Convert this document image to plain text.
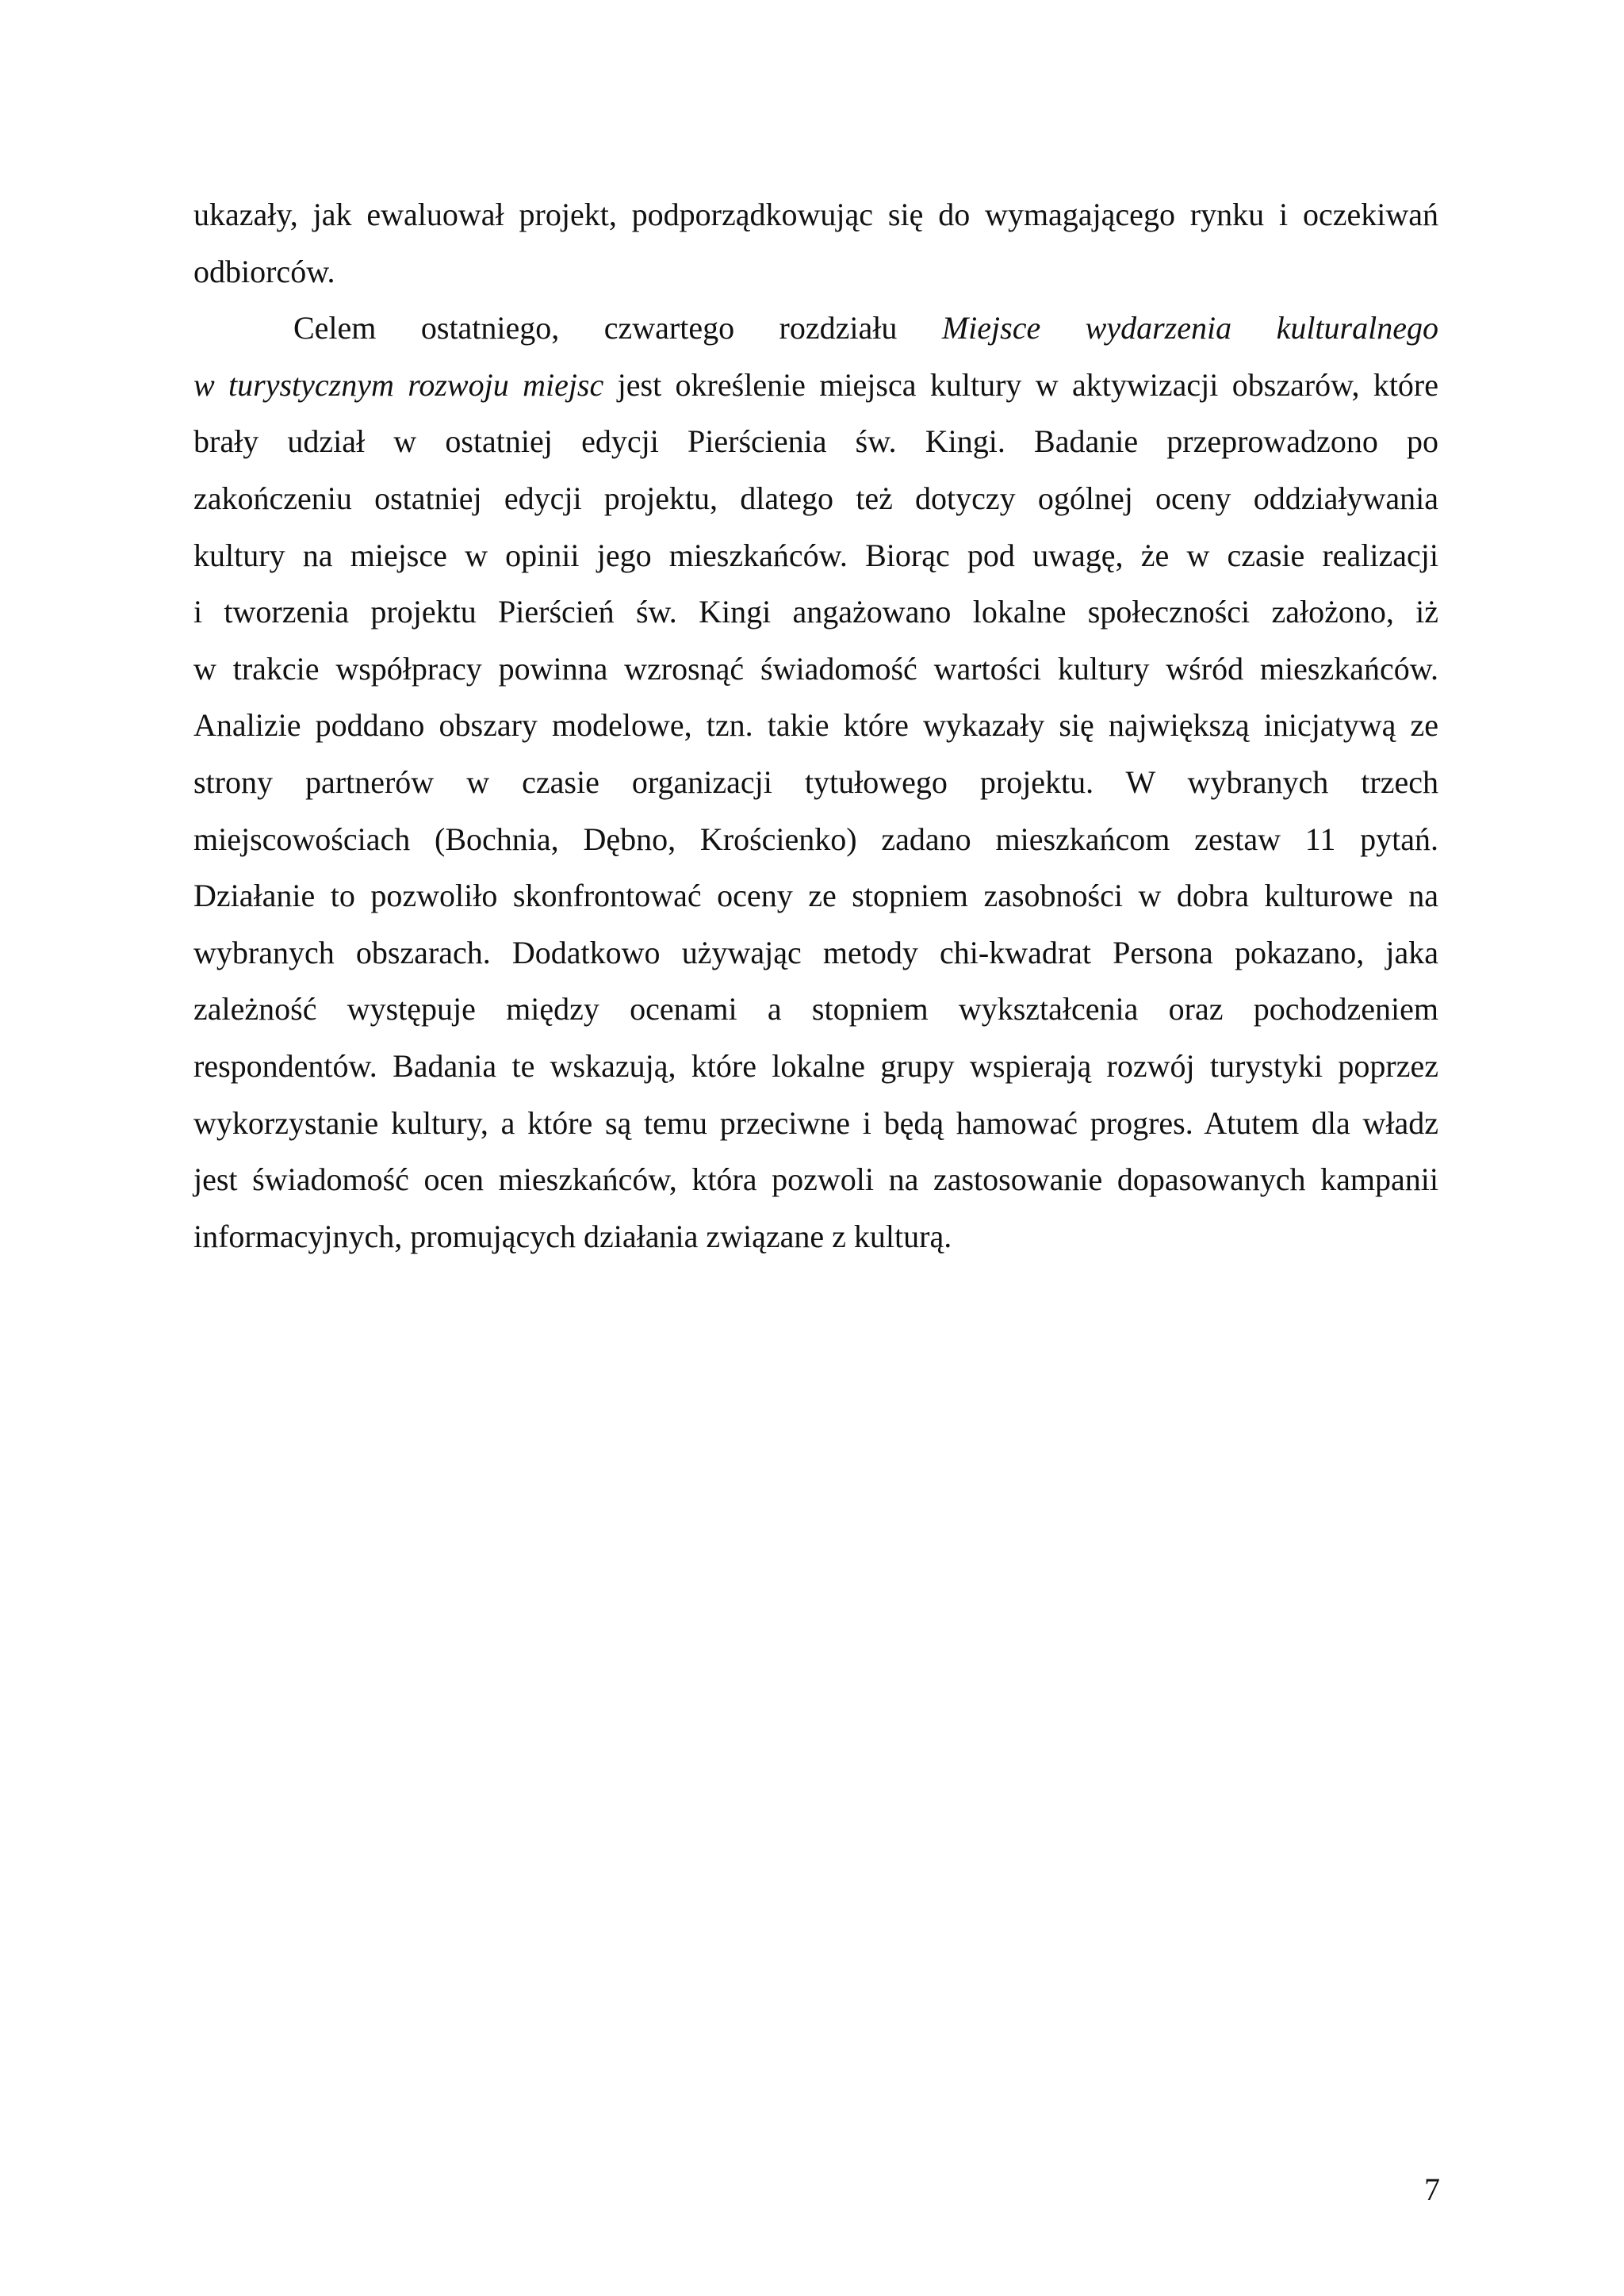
ukazały, jak ewaluował projekt, podporządkowując się do wymagającego rynku i oczekiwań
odbiorców.
Celem ostatniego, czwartego rozdziału Miejsce wydarzenia kulturalnego
w turystycznym rozwoju miejsc jest określenie miejsca kultury w aktywizacji obszarów, które
brały udział w ostatniej edycji Pierścienia św. Kingi. Badanie przeprowadzono po
zakończeniu ostatniej edycji projektu, dlatego też dotyczy ogólnej oceny oddziaływania
kultury na miejsce w opinii jego mieszkańców. Biorąc pod uwagę, że w czasie realizacji
i tworzenia projektu Pierścień św. Kingi angażowano lokalne społeczności założono, iż
w trakcie współpracy powinna wzrosnąć świadomość wartości kultury wśród mieszkańców.
Analizie poddano obszary modelowe, tzn. takie które wykazały się największą inicjatywą ze
strony partnerów w czasie organizacji tytułowego projektu. W wybranych trzech
miejscowościach (Bochnia, Dębno, Krościenko) zadano mieszkańcom zestaw 11 pytań.
Działanie to pozwoliło skonfrontować oceny ze stopniem zasobności w dobra kulturowe na
wybranych obszarach. Dodatkowo używając metody chi-kwadrat Persona pokazano, jaka
zależność występuje między ocenami a stopniem wykształcenia oraz pochodzeniem
respondentów. Badania te wskazują, które lokalne grupy wspierają rozwój turystyki poprzez
wykorzystanie kultury, a które są temu przeciwne i będą hamować progres. Atutem dla władz
jest świadomość ocen mieszkańców, która pozwoli na zastosowanie dopasowanych kampanii
informacyjnych, promujących działania związane z kulturą.
7
